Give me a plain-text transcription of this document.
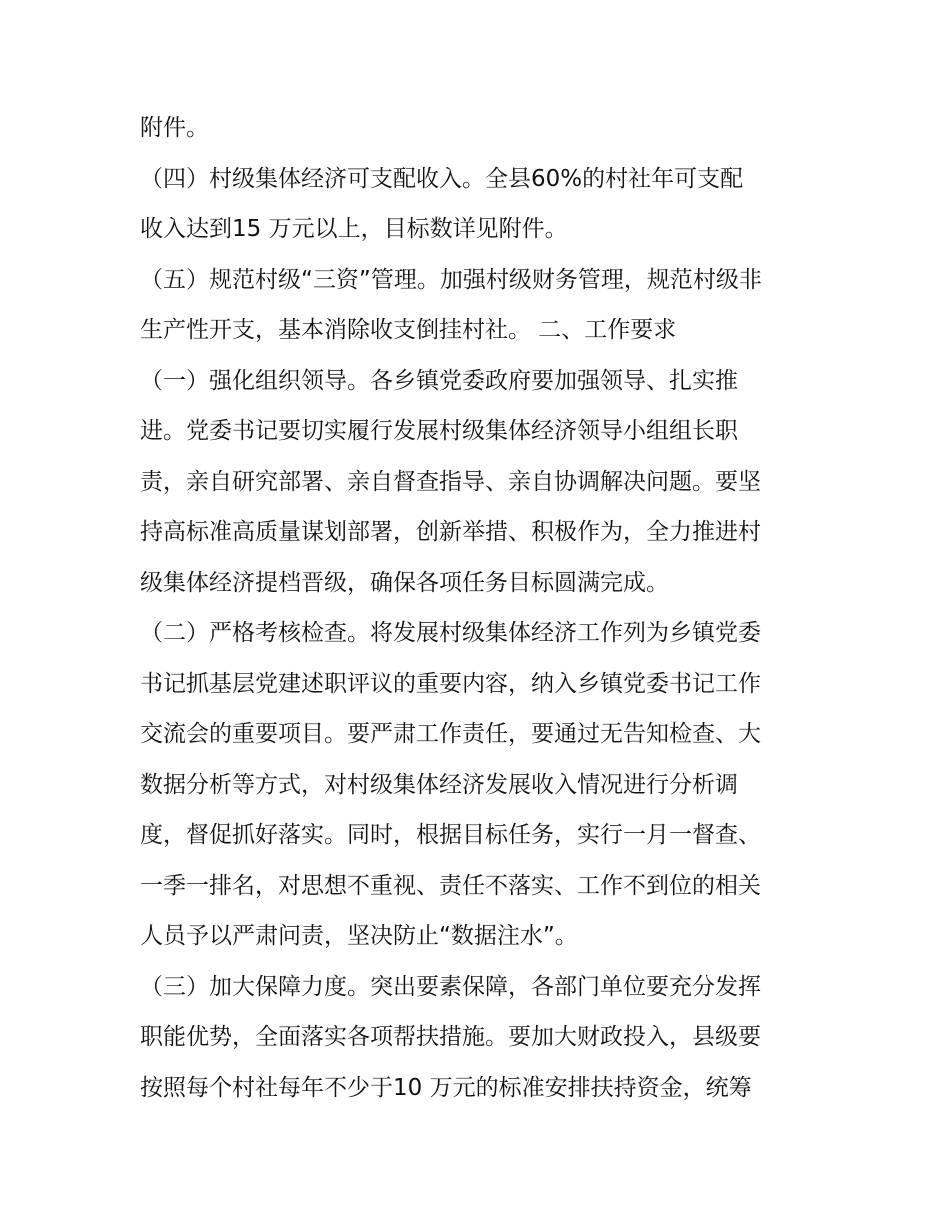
附件。
（四）村级集体经济可支配收入。全县60%的村社年可支配
收入达到15 万元以上，目标数详见附件。
（五）规范村级“三资”管理。加强村级财务管理，规范村级非
生产性开支，基本消除收支倒挂村社。 二、工作要求
（一）强化组织领导。各乡镇党委政府要加强领导、扎实推
进。党委书记要切实履行发展村级集体经济领导小组组长职
责，亲自研究部署、亲自督查指导、亲自协调解决问题。要坚
持高标准高质量谋划部署，创新举措、积极作为，全力推进村
级集体经济提档晋级，确保各项任务目标圆满完成。
（二）严格考核检查。将发展村级集体经济工作列为乡镇党委
书记抓基层党建述职评议的重要内容，纳入乡镇党委书记工作
交流会的重要项目。要严肃工作责任，要通过无告知检查、大
数据分析等方式，对村级集体经济发展收入情况进行分析调
度，督促抓好落实。同时，根据目标任务，实行一月一督查、
一季一排名，对思想不重视、责任不落实、工作不到位的相关
人员予以严肃问责，坚决防止“数据注水”。
（三）加大保障力度。突出要素保障，各部门单位要充分发挥
职能优势，全面落实各项帮扶措施。要加大财政投入，县级要
按照每个村社每年不少于10 万元的标准安排扶持资金，统筹
